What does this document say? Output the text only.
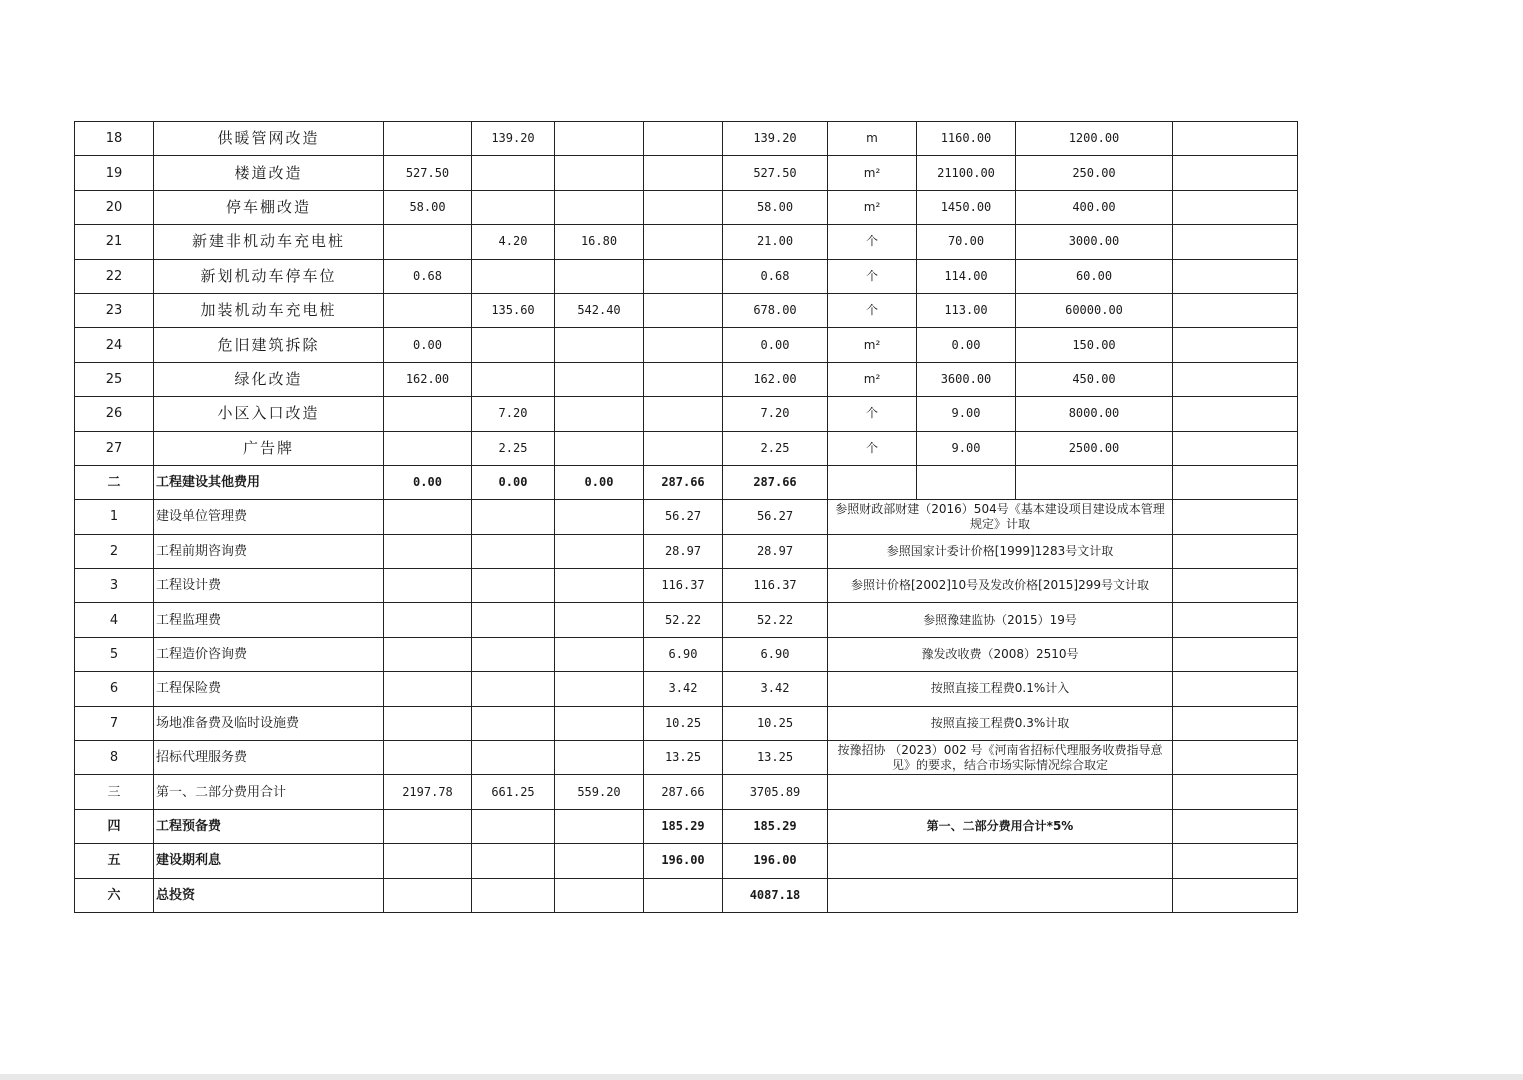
18	供暖管网改造		139.20			139.20	m	1160.00	1200.00	
19	楼道改造	527.50				527.50	m²	21100.00	250.00	
20	停车棚改造	58.00				58.00	m²	1450.00	400.00	
21	新建非机动车充电桩		4.20	16.80		21.00	个	70.00	3000.00	
22	新划机动车停车位	0.68				0.68	个	114.00	60.00	
23	加装机动车充电桩		135.60	542.40		678.00	个	113.00	60000.00	
24	危旧建筑拆除	0.00				0.00	m²	0.00	150.00	
25	绿化改造	162.00				162.00	m²	3600.00	450.00	
26	小区入口改造		7.20			7.20	个	9.00	8000.00	
27	广告牌		2.25			2.25	个	9.00	2500.00	
二	工程建设其他费用	0.00	0.00	0.00	287.66	287.66				
1	建设单位管理费				56.27	56.27	参照财政部财建（2016）504号《基本建设项目建设成本管理规定》计取			
2	工程前期咨询费				28.97	28.97	参照国家计委计价格[1999]1283号文计取			
3	工程设计费				116.37	116.37	参照计价格[2002]10号及发改价格[2015]299号文计取			
4	工程监理费				52.22	52.22	参照豫建监协（2015）19号			
5	工程造价咨询费				6.90	6.90	豫发改收费（2008）2510号			
6	工程保险费				3.42	3.42	按照直接工程费0.1%计入			
7	场地准备费及临时设施费				10.25	10.25	按照直接工程费0.3%计取			
8	招标代理服务费				13.25	13.25	按豫招协 （2023）002 号《河南省招标代理服务收费指导意见》的要求，结合市场实际情况综合取定			
三	第一、二部分费用合计	2197.78	661.25	559.20	287.66	3705.89				
四	工程预备费				185.29	185.29	第一、二部分费用合计*5%			
五	建设期利息				196.00	196.00				
六	总投资					4087.18				
